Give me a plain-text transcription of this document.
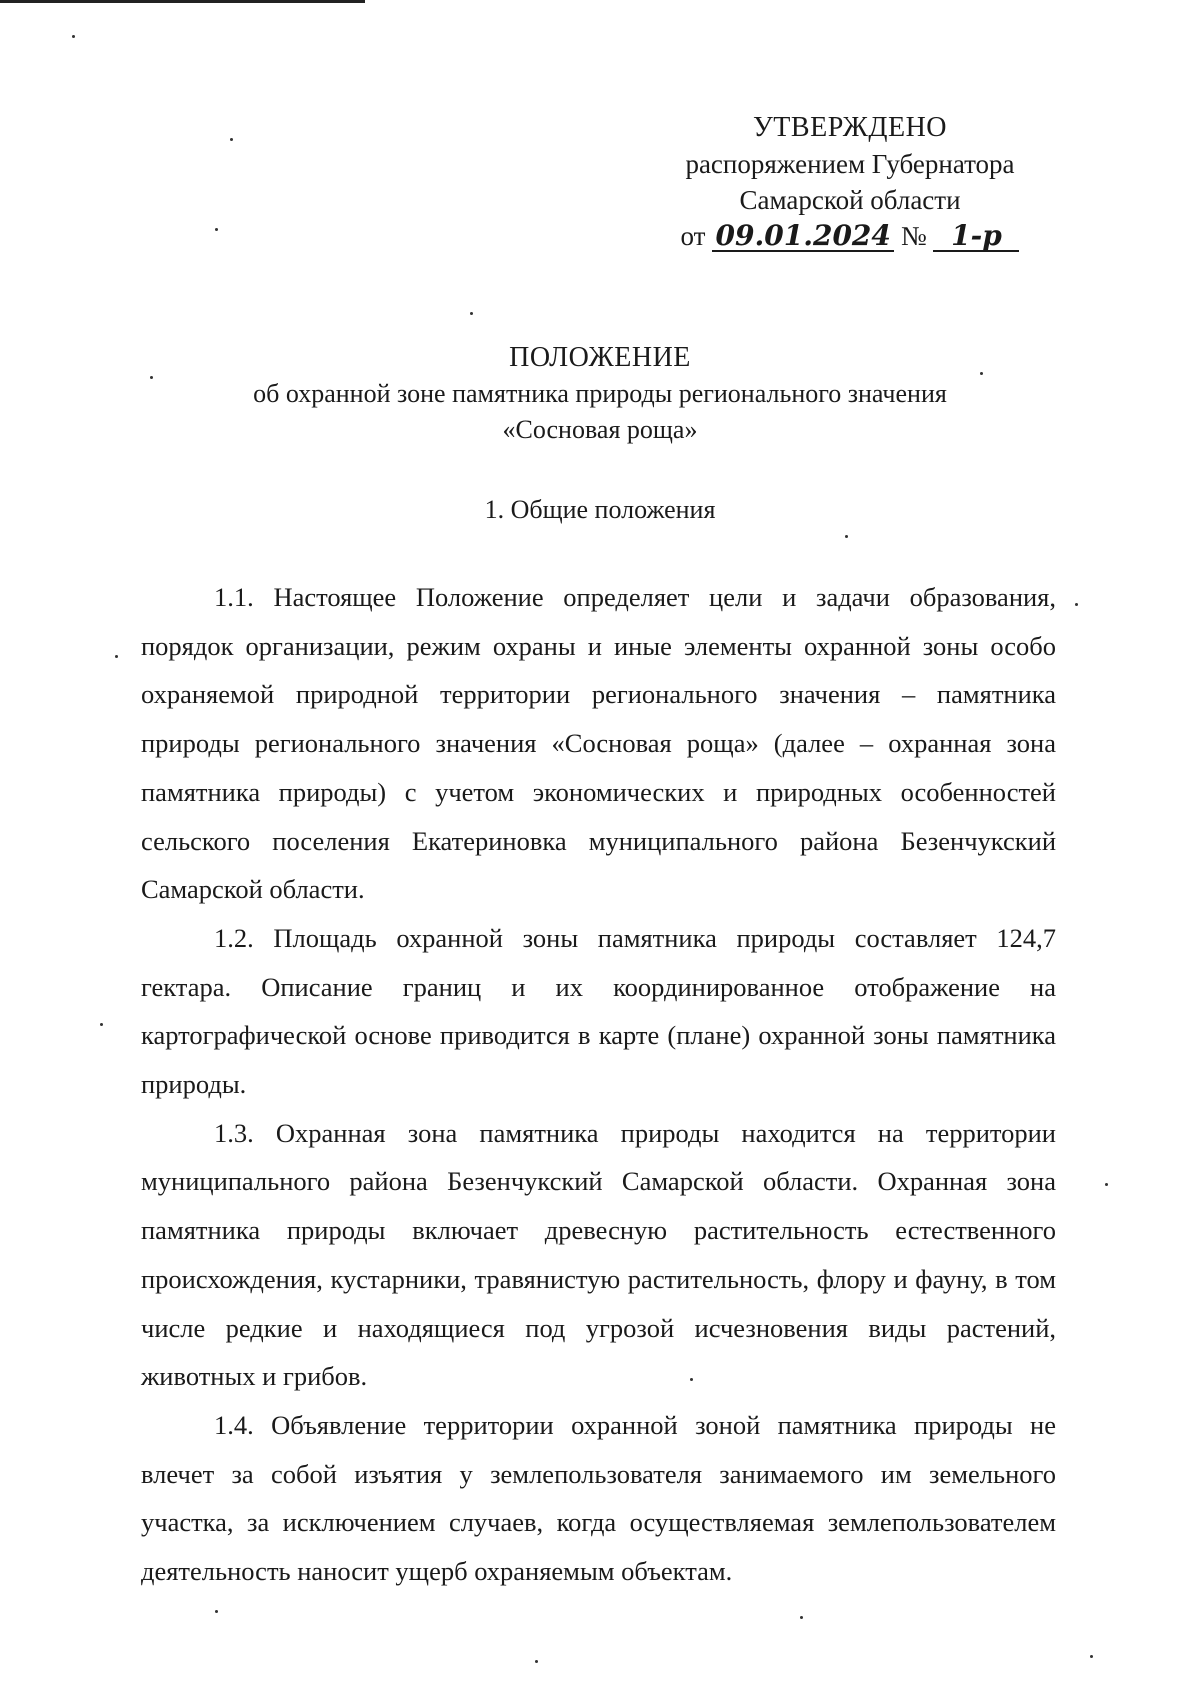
УТВЕРЖДЕНО
распоряжением Губернатора
Самарской области
от 09.01.2024 № 1-р
ПОЛОЖЕНИЕ
об охранной зоне памятника природы регионального значения
«Сосновая роща»
1. Общие положения

1.1. Настоящее Положение определяет цели и задачи образования, порядок организации, режим охраны и иные элементы охранной зоны особо охраняемой природной территории регионального значения – памятника природы регионального значения «Сосновая роща» (далее – охранная зона памятника природы) с учетом экономических и природных особенностей сельского поселения Екатериновка муниципального района Безенчукский Самарской области.

1.2. Площадь охранной зоны памятника природы составляет 124,7 гектара. Описание границ и их координированное отображение на картографической основе приводится в карте (плане) охранной зоны памятника природы.

1.3. Охранная зона памятника природы находится на территории муниципального района Безенчукский Самарской области. Охранная зона памятника природы включает древесную растительность естественного происхождения, кустарники, травянистую растительность, флору и фауну, в том числе редкие и находящиеся под угрозой исчезновения виды растений, животных и грибов.

1.4. Объявление территории охранной зоной памятника природы не влечет за собой изъятия у землепользователя занимаемого им земельного участка, за исключением случаев, когда осуществляемая землепользователем деятельность наносит ущерб охраняемым объектам.
